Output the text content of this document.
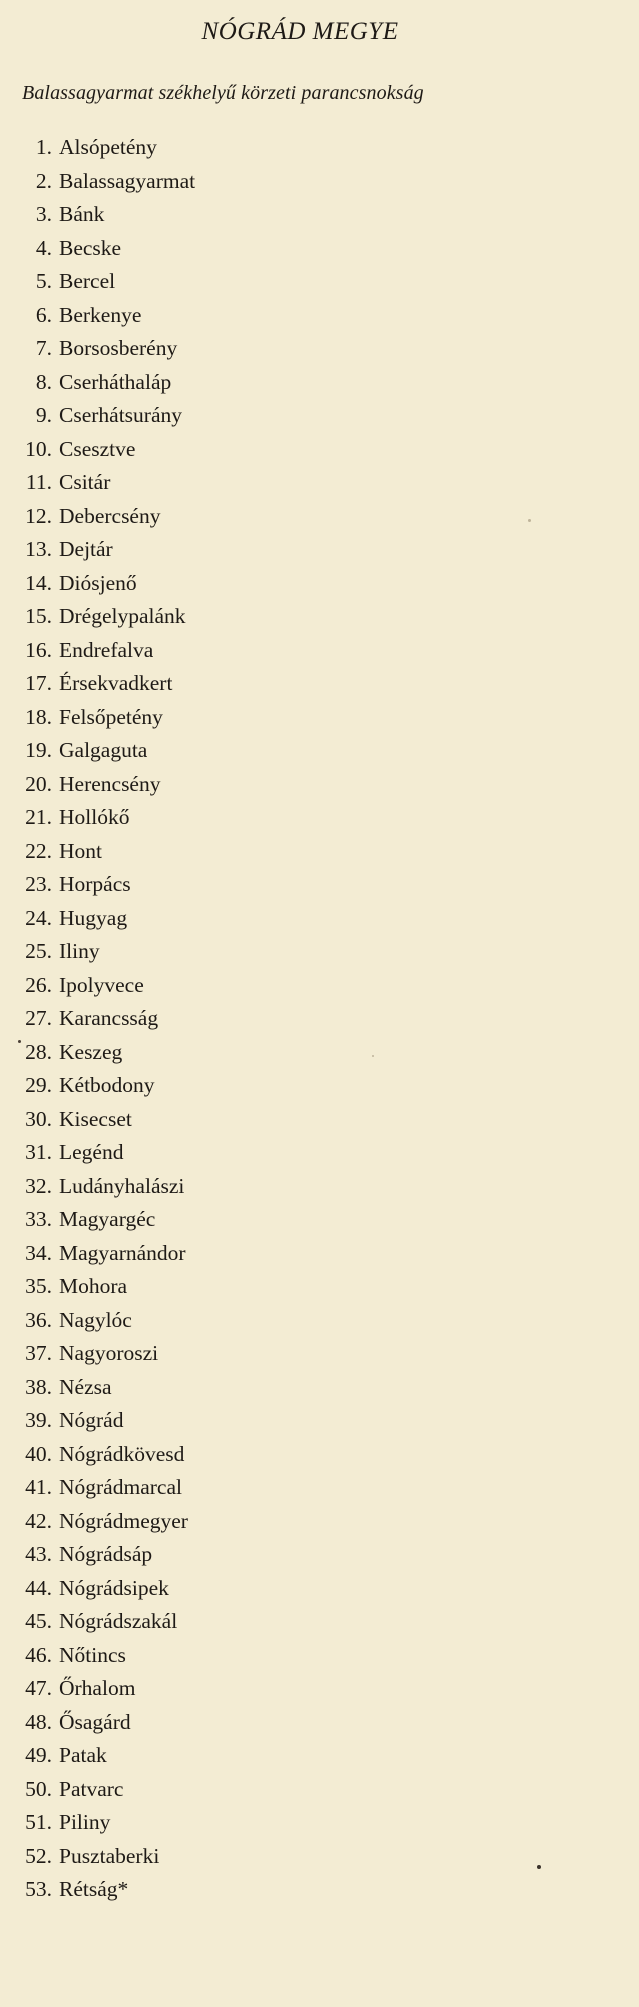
NÓGRÁD MEGYE
Balassagyarmat székhelyű körzeti parancsnokság
1. Alsópetény
2. Balassagyarmat
3. Bánk
4. Becske
5. Bercel
6. Berkenye
7. Borsosberény
8. Cserháthaláp
9. Cserhátsurány
10. Csesztve
11. Csitár
12. Debercsény
13. Dejtár
14. Diósjenő
15. Drégelypalánk
16. Endrefalva
17. Érsekvadkert
18. Felsőpetény
19. Galgaguta
20. Herencsény
21. Hollókő
22. Hont
23. Horpács
24. Hugyag
25. Iliny
26. Ipolyvece
27. Karancsság
28. Keszeg
29. Kétbodony
30. Kisecset
31. Legénd
32. Ludányhalászi
33. Magyargéc
34. Magyarnándor
35. Mohora
36. Nagylóc
37. Nagyoroszi
38. Nézsa
39. Nógrád
40. Nógrádkövesd
41. Nógrádmarcal
42. Nógrádmegyer
43. Nógrádsáp
44. Nógrádsipek
45. Nógrádszakál
46. Nőtincs
47. Őrhalom
48. Ősagárd
49. Patak
50. Patvarc
51. Piliny
52. Pusztaberki
53. Rétság*
